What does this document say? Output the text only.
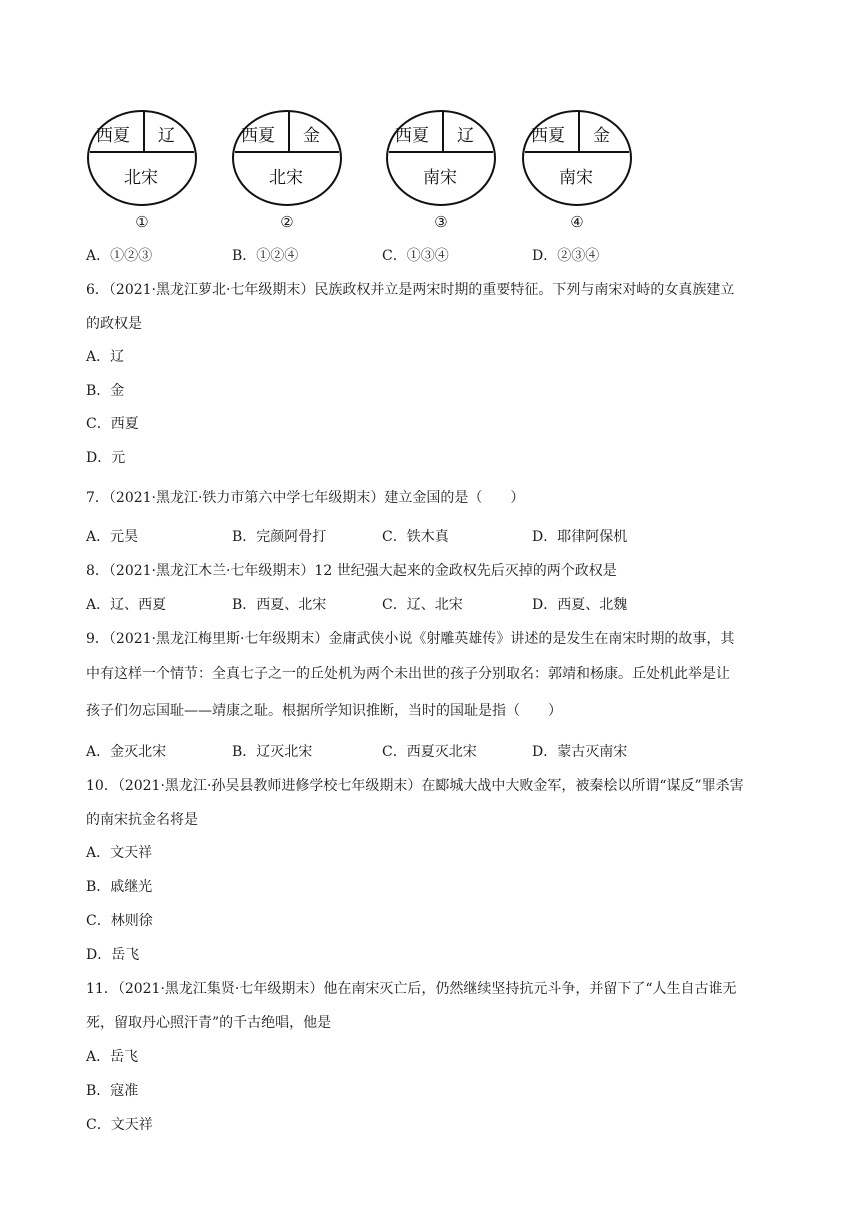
西夏 辽
北宋
①
西夏 金
北宋
②
西夏 辽
南宋
③
西夏 金
南宋
④
A．①②③	B．①②④	C．①③④	D．②③④
6．（2021·黑龙江萝北·七年级期末）民族政权并立是两宋时期的重要特征。下列与南宋对峙的女真族建立
的政权是
A．辽
B．金
C．西夏
D．元
7．（2021·黑龙江·铁力市第六中学七年级期末）建立金国的是（　　）
A．元昊	B．完颜阿骨打	C．铁木真	D．耶律阿保机
8．（2021·黑龙江木兰·七年级期末）12 世纪强大起来的金政权先后灭掉的两个政权是
A．辽、西夏	B．西夏、北宋	C．辽、北宋	D．西夏、北魏
9．（2021·黑龙江梅里斯·七年级期末）金庸武侠小说《射雕英雄传》讲述的是发生在南宋时期的故事，其
中有这样一个情节：全真七子之一的丘处机为两个未出世的孩子分别取名：郭靖和杨康。丘处机此举是让
孩子们勿忘国耻——靖康之耻。根据所学知识推断，当时的国耻是指（　　）
A．金灭北宋	B．辽灭北宋	C．西夏灭北宋	D．蒙古灭南宋
10．（2021·黑龙江·孙吴县教师进修学校七年级期末）在郾城大战中大败金军，被秦桧以所谓“谋反”罪杀害
的南宋抗金名将是
A．文天祥
B．戚继光
C．林则徐
D．岳飞
11．（2021·黑龙江集贤·七年级期末）他在南宋灭亡后，仍然继续坚持抗元斗争，并留下了“人生自古谁无
死，留取丹心照汗青”的千古绝唱，他是
A．岳飞
B．寇准
C．文天祥
